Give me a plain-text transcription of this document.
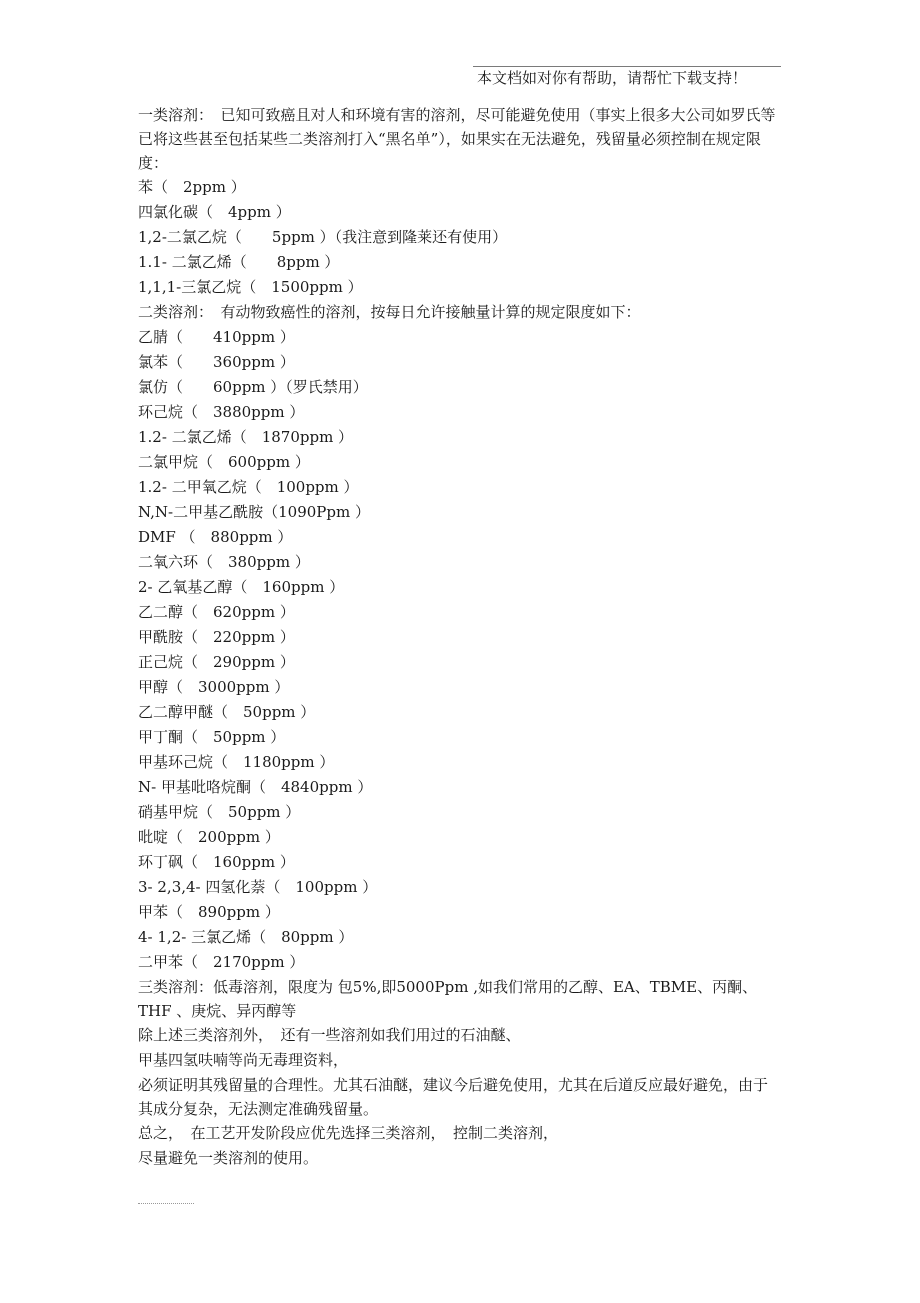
本文档如对你有帮助，请帮忙下载支持！

一类溶剂：　已知可致癌且对人和环境有害的溶剂，尽可能避免使用（事实上很多大公司如罗氏等已将这些甚至包括某些二类溶剂打入“黑名单”），如果实在无法避免，残留量必须控制在规定限度：

苯（　2ppm ）
四氯化碳（　4ppm ）
1,2-二氯乙烷（　　5ppm ）（我注意到隆莱还有使用）
1.1- 二氯乙烯（　　8ppm ）
1,1,1-三氯乙烷（　1500ppm ）
二类溶剂：　有动物致癌性的溶剂，按每日允许接触量计算的规定限度如下：
乙腈（　　410ppm ）
氯苯（　　360ppm ）
氯仿（　　60ppm ）（罗氏禁用）
环己烷（　3880ppm ）
1.2- 二氯乙烯（　1870ppm ）
二氯甲烷（　600ppm ）
1.2- 二甲氧乙烷（　100ppm ）
N,N-二甲基乙酰胺（1090Ppm ）
DMF （　880ppm ）
二氧六环（　380ppm ）
2- 乙氧基乙醇（　160ppm ）
乙二醇（　620ppm ）
甲酰胺（　220ppm ）
正己烷（　290ppm ）
甲醇（　3000ppm ）
乙二醇甲醚（　50ppm ）
甲丁酮（　50ppm ）
甲基环己烷（　1180ppm ）
N- 甲基吡咯烷酮（　4840ppm ）
硝基甲烷（　50ppm ）
吡啶（　200ppm ）
环丁砜（　160ppm ）
3- 2,3,4- 四氢化萘（　100ppm ）
甲苯（　890ppm ）
4- 1,2- 三氯乙烯（　80ppm ）
二甲苯（　2170ppm ）

三类溶剂：低毒溶剂，限度为 包5%,即5000Ppm ,如我们常用的乙醇、EA、TBME、丙酮、 THF 、庚烷、异丙醇等

除上述三类溶剂外，　还有一些溶剂如我们用过的石油醚、
甲基四氢呋喃等尚无毒理资料，

必须证明其残留量的合理性。尤其石油醚，建议今后避免使用，尤其在后道反应最好避免，由于其成分复杂，无法测定准确残留量。

总之，　在工艺开发阶段应优先选择三类溶剂，　控制二类溶剂，
尽量避免一类溶剂的使用。
